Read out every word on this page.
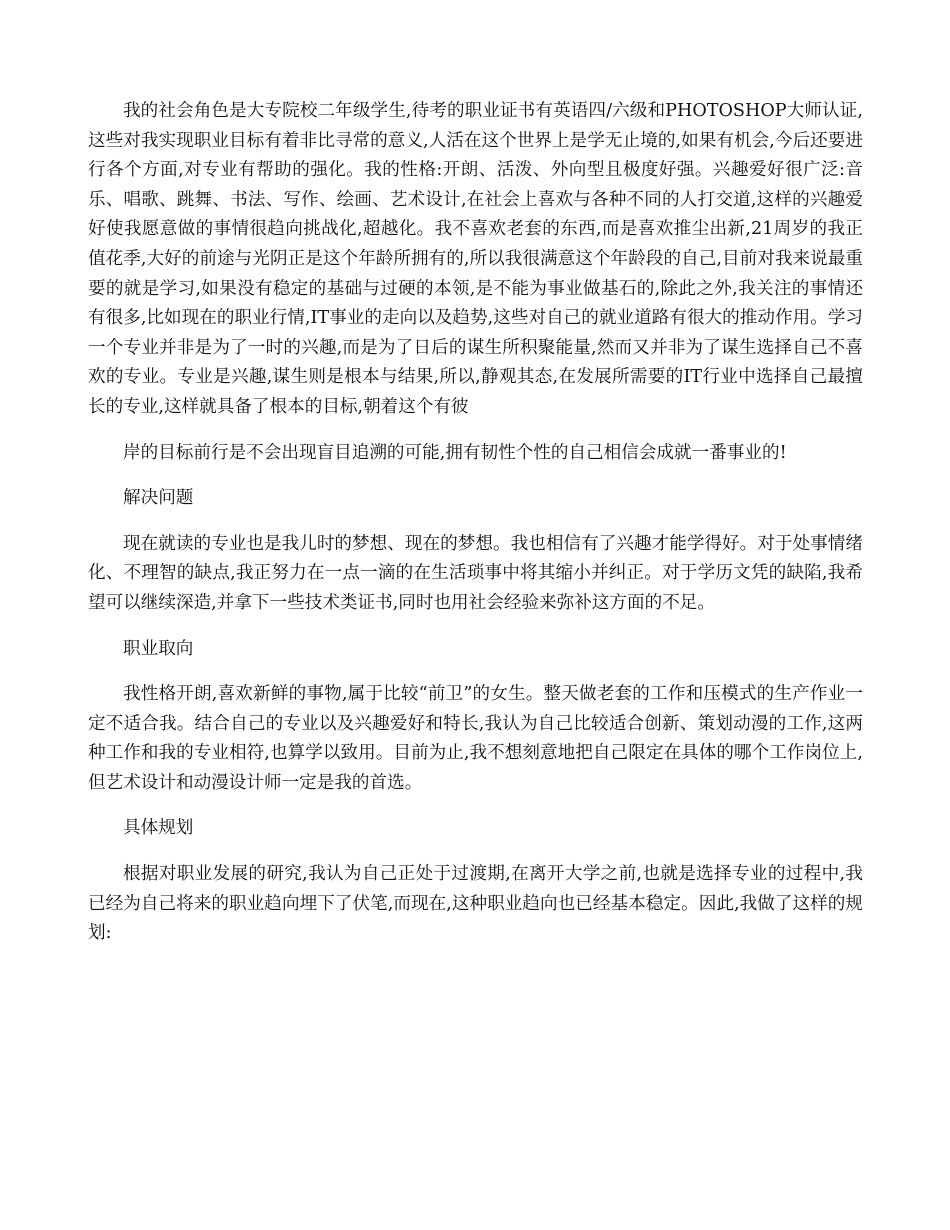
我的社会角色是大专院校二年级学生,待考的职业证书有英语四/六级和PHOTOSHOP大师认证,这些对我实现职业目标有着非比寻常的意义,人活在这个世界上是学无止境的,如果有机会,今后还要进行各个方面,对专业有帮助的强化。我的性格:开朗、活泼、外向型且极度好强。兴趣爱好很广泛:音乐、唱歌、跳舞、书法、写作、绘画、艺术设计,在社会上喜欢与各种不同的人打交道,这样的兴趣爱好使我愿意做的事情很趋向挑战化,超越化。我不喜欢老套的东西,而是喜欢推尘出新,21周岁的我正值花季,大好的前途与光阴正是这个年龄所拥有的,所以我很满意这个年龄段的自己,目前对我来说最重要的就是学习,如果没有稳定的基础与过硬的本领,是不能为事业做基石的,除此之外,我关注的事情还有很多,比如现在的职业行情,IT事业的走向以及趋势,这些对自己的就业道路有很大的推动作用。学习一个专业并非是为了一时的兴趣,而是为了日后的谋生所积聚能量,然而又并非为了谋生选择自己不喜欢的专业。专业是兴趣,谋生则是根本与结果,所以,静观其态,在发展所需要的IT行业中选择自己最擅长的专业,这样就具备了根本的目标,朝着这个有彼

岸的目标前行是不会出现盲目追溯的可能,拥有韧性个性的自己相信会成就一番事业的!

解决问题

现在就读的专业也是我儿时的梦想、现在的梦想。我也相信有了兴趣才能学得好。对于处事情绪化、不理智的缺点,我正努力在一点一滴的在生活琐事中将其缩小并纠正。对于学历文凭的缺陷,我希望可以继续深造,并拿下一些技术类证书,同时也用社会经验来弥补这方面的不足。

职业取向

我性格开朗,喜欢新鲜的事物,属于比较“前卫”的女生。整天做老套的工作和压模式的生产作业一定不适合我。结合自己的专业以及兴趣爱好和特长,我认为自己比较适合创新、策划动漫的工作,这两种工作和我的专业相符,也算学以致用。目前为止,我不想刻意地把自己限定在具体的哪个工作岗位上,但艺术设计和动漫设计师一定是我的首选。

具体规划

根据对职业发展的研究,我认为自己正处于过渡期,在离开大学之前,也就是选择专业的过程中,我已经为自己将来的职业趋向埋下了伏笔,而现在,这种职业趋向也已经基本稳定。因此,我做了这样的规划:
